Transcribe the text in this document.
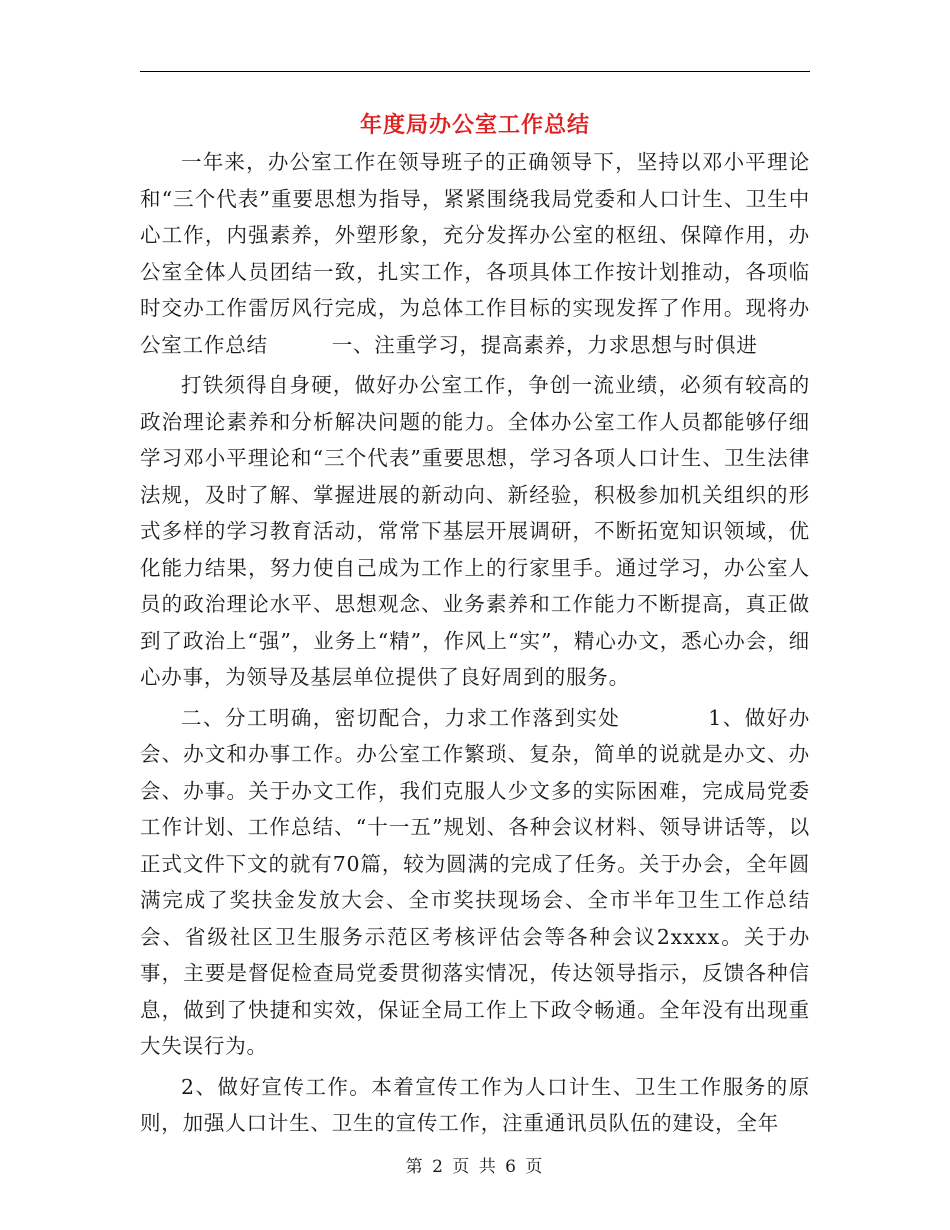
年度局办公室工作总结

一年来，办公室工作在领导班子的正确领导下，坚持以邓小平理论和“三个代表”重要思想为指导，紧紧围绕我局党委和人口计生、卫生中心工作，内强素养，外塑形象，充分发挥办公室的枢纽、保障作用，办公室全体人员团结一致，扎实工作，各项具体工作按计划推动，各项临时交办工作雷厉风行完成，为总体工作目标的实现发挥了作用。现将办公室工作总结　　　一、注重学习，提高素养，力求思想与时俱进

打铁须得自身硬，做好办公室工作，争创一流业绩，必须有较高的政治理论素养和分析解决问题的能力。全体办公室工作人员都能够仔细学习邓小平理论和“三个代表”重要思想，学习各项人口计生、卫生法律法规，及时了解、掌握进展的新动向、新经验，积极参加机关组织的形式多样的学习教育活动，常常下基层开展调研，不断拓宽知识领域，优化能力结果，努力使自己成为工作上的行家里手。通过学习，办公室人员的政治理论水平、思想观念、业务素养和工作能力不断提高，真正做到了政治上“强”，业务上“精”，作风上“实”，精心办文，悉心办会，细心办事，为领导及基层单位提供了良好周到的服务。

二、分工明确，密切配合，力求工作落到实处　　　　1、做好办会、办文和办事工作。办公室工作繁琐、复杂，简单的说就是办文、办会、办事。关于办文工作，我们克服人少文多的实际困难，完成局党委工作计划、工作总结、“十一五”规划、各种会议材料、领导讲话等，以正式文件下文的就有70篇，较为圆满的完成了任务。关于办会，全年圆满完成了奖扶金发放大会、全市奖扶现场会、全市半年卫生工作总结会、省级社区卫生服务示范区考核评估会等各种会议2xxxx。关于办事，主要是督促检查局党委贯彻落实情况，传达领导指示，反馈各种信息，做到了快捷和实效，保证全局工作上下政令畅通。全年没有出现重大失误行为。

2、做好宣传工作。本着宣传工作为人口计生、卫生工作服务的原则，加强人口计生、卫生的宣传工作，注重通讯员队伍的建设，全年

第 2 页 共 6 页
